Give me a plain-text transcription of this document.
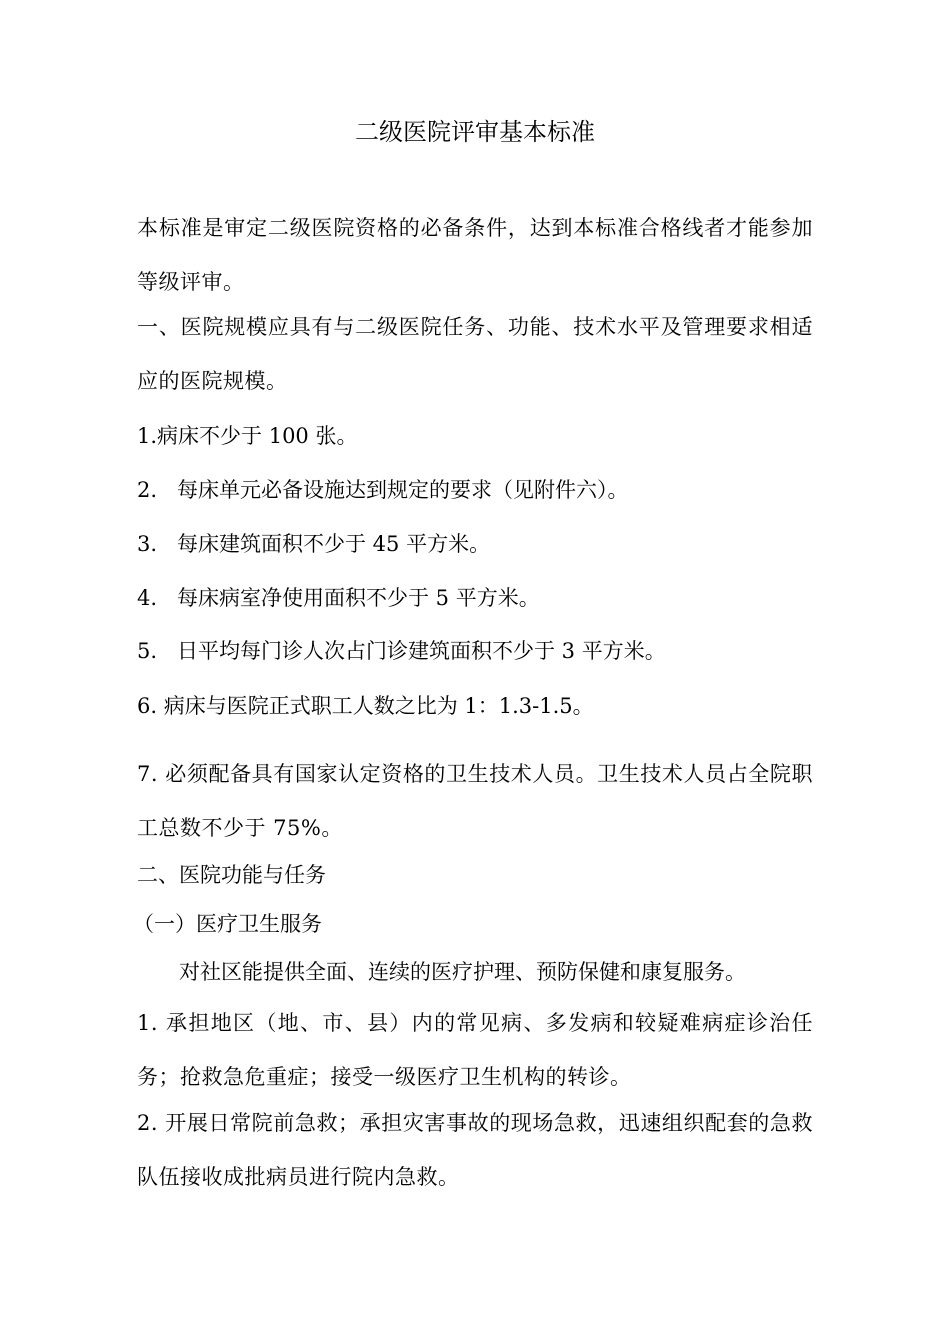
二级医院评审基本标准
本标准是审定二级医院资格的必备条件，达到本标准合格线者才能参加等级评审。
一、医院规模应具有与二级医院任务、功能、技术水平及管理要求相适应的医院规模。
1.病床不少于 100 张。
2. 每床单元必备设施达到规定的要求（见附件六）。
3. 每床建筑面积不少于 45 平方米。
4. 每床病室净使用面积不少于 5 平方米。
5. 日平均每门诊人次占门诊建筑面积不少于 3 平方米。
6. 病床与医院正式职工人数之比为 1：1.3-1.5。
7. 必须配备具有国家认定资格的卫生技术人员。卫生技术人员占全院职工总数不少于 75%。
二、医院功能与任务
（一）医疗卫生服务
对社区能提供全面、连续的医疗护理、预防保健和康复服务。
1. 承担地区（地、市、县）内的常见病、多发病和较疑难病症诊治任务；抢救急危重症；接受一级医疗卫生机构的转诊。
2. 开展日常院前急救；承担灾害事故的现场急救，迅速组织配套的急救队伍接收成批病员进行院内急救。
